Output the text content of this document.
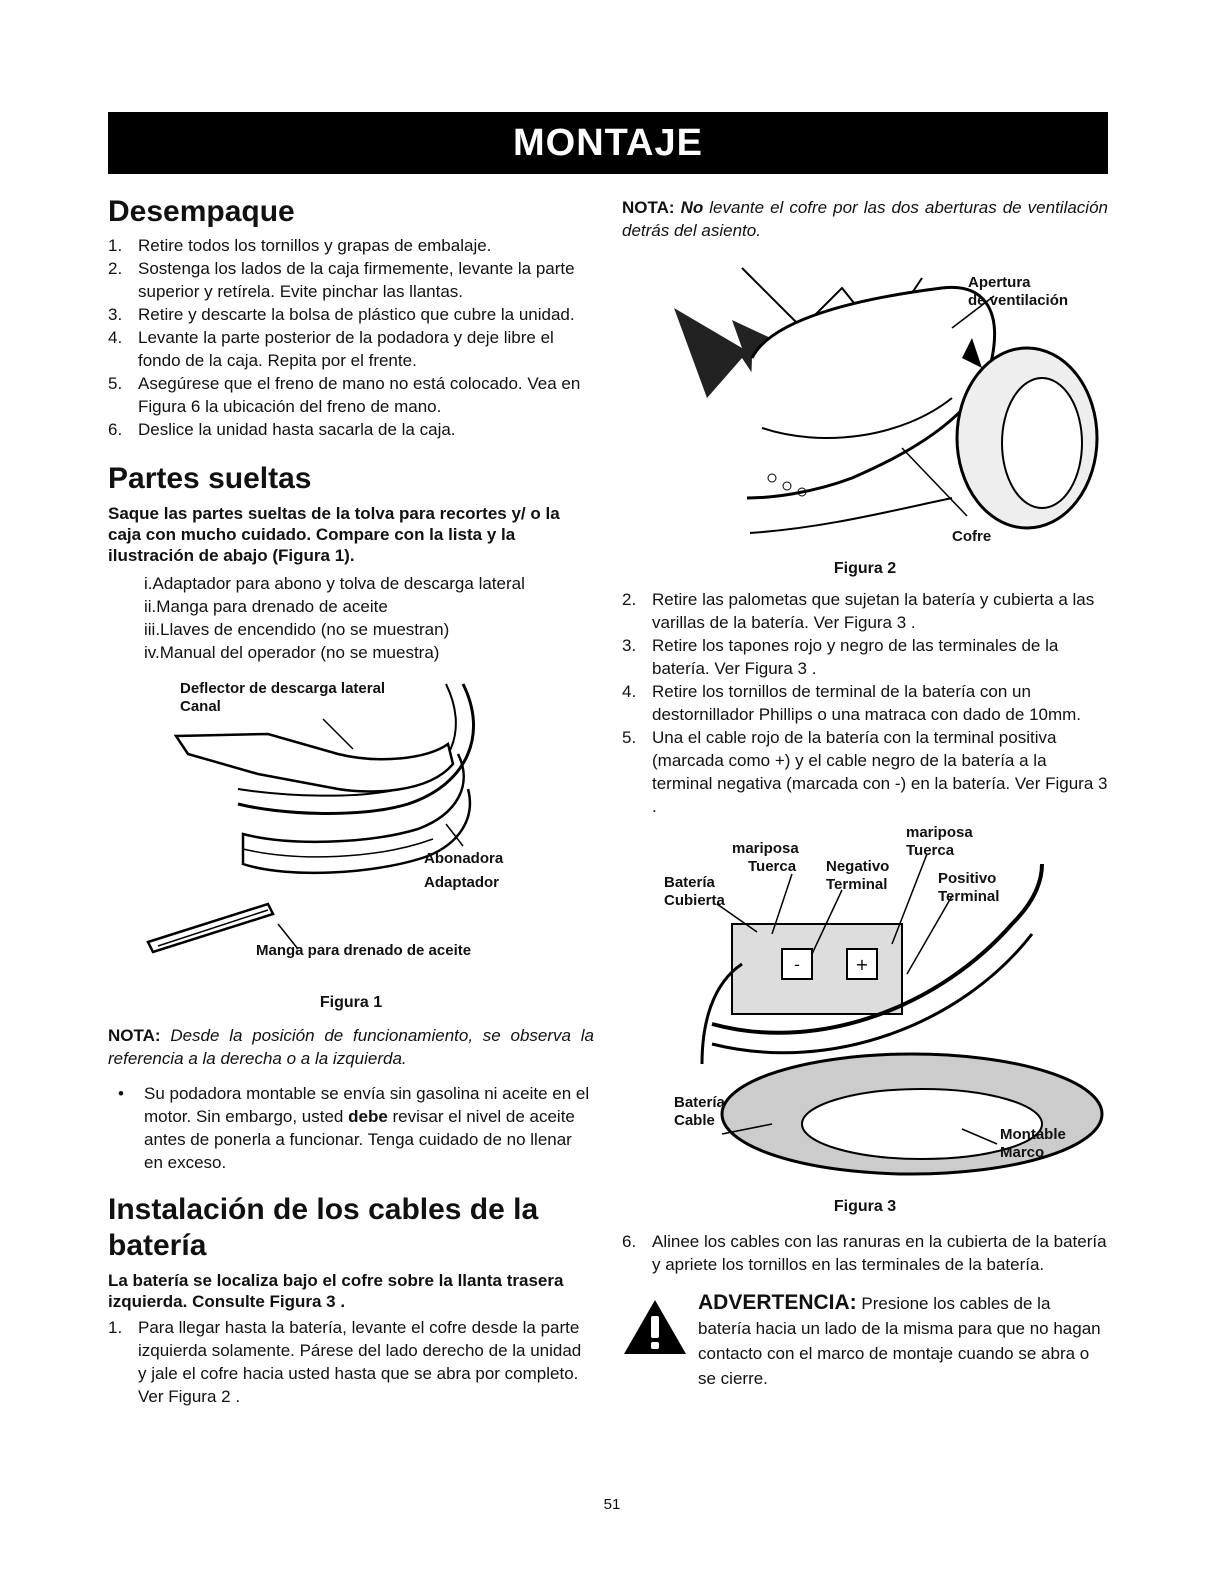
MONTAJE
Desempaque
1. Retire todos los tornillos y grapas de embalaje.
2. Sostenga los lados de la caja firmemente, levante la parte superior y retírela. Evite pinchar las llantas.
3. Retire y descarte la bolsa de plástico que cubre la unidad.
4. Levante la parte posterior de la podadora y deje libre el fondo de la caja. Repita por el frente.
5. Asegúrese que el freno de mano no está colocado. Vea en Figura 6 la ubicación del freno de mano.
6. Deslice la unidad hasta sacarla de la caja.
Partes sueltas

Saque las partes sueltas de la tolva para recortes y/ o la caja con mucho cuidado. Compare con la lista y la ilustración de abajo (Figura 1).

i.Adaptador para abono y tolva de descarga lateral
ii.Manga para drenado de aceite
iii.Llaves de encendido (no se muestran)
iv.Manual del operador (no se muestra)
Deflector de descarga lateral
Canal
Abonadora
Adaptador
Manga para drenado de aceite
Figura 1

NOTA: Desde la posición de funcionamiento, se observa la referencia a la derecha o a la izquierda.

• Su podadora montable se envía sin gasolina ni aceite en el motor. Sin embargo, usted debe revisar el nivel de aceite antes de ponerla a funcionar. Tenga cuidado de no llenar en exceso.
Instalación de los cables de la batería

La batería se localiza bajo el cofre sobre la llanta trasera izquierda. Consulte Figura 3 .

1. Para llegar hasta la batería, levante el cofre desde la parte izquierda solamente. Párese del lado derecho de la unidad y jale el cofre hacia usted hasta que se abra por completo. Ver Figura 2 .

NOTA: No levante el cofre por las dos aberturas de ventilación detrás del asiento.

Apertura
de ventilación
Cofre
Figura 2
2. Retire las palometas que sujetan la batería y cubierta a las varillas de la batería. Ver Figura 3 .
3. Retire los tapones rojo y negro de las terminales de la batería. Ver Figura 3 .
4. Retire los tornillos de terminal de la batería con un destornillador Phillips o una matraca con dado de 10mm.
5. Una el cable rojo de la batería con la terminal positiva (marcada como +) y el cable negro de la batería a la terminal negativa (marcada con -) en la batería. Ver Figura 3 .
-	+
mariposa
mariposa	Tuerca
Tuerca Negativo
Positivo
Batería	Terminal
Terminal
Cubierta
Batería
Cable
Montable
Marco
Figura 3
6. Alinee los cables con las ranuras en la cubierta de la batería y apriete los tornillos en las terminales de la batería.

ADVERTENCIA: Presione los cables de la batería hacia un lado de la misma para que no hagan contacto con el marco de montaje cuando se abra o se cierre.

51
